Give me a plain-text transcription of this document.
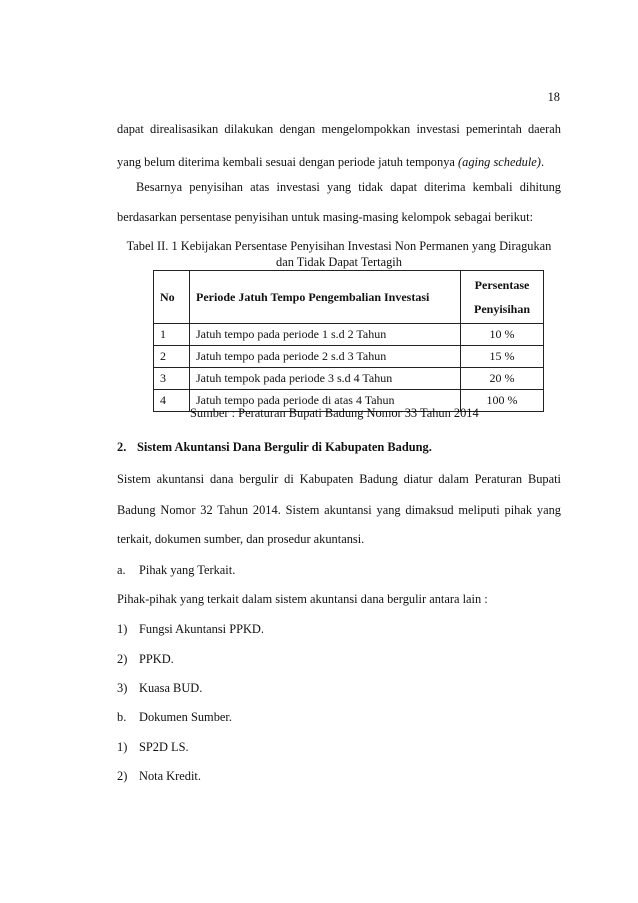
18
dapat direalisasikan dilakukan dengan mengelompokkan investasi pemerintah daerah
yang belum diterima kembali sesuai dengan periode jatuh temponya (aging schedule).
Besarnya penyisihan atas investasi yang tidak dapat diterima kembali dihitung
berdasarkan persentase penyisihan untuk masing-masing kelompok sebagai berikut:
Tabel II. 1 Kebijakan Persentase Penyisihan Investasi Non Permanen yang Diragukan
dan Tidak Dapat Tertagih
No	Periode Jatuh Tempo Pengembalian Investasi	Persentase
Penyisihan

1	Jatuh tempo pada periode 1 s.d 2 Tahun	10 %
2	Jatuh tempo pada periode 2 s.d 3 Tahun	15 %
3	Jatuh tempok pada periode 3 s.d 4 Tahun	20 %
4	Jatuh tempo pada periode di atas 4 Tahun	100 %
Sumber : Peraturan Bupati Badung Nomor 33 Tahun 2014
2. Sistem Akuntansi Dana Bergulir di Kabupaten Badung.
Sistem akuntansi dana bergulir di Kabupaten Badung diatur dalam Peraturan Bupati
Badung Nomor 32 Tahun 2014. Sistem akuntansi yang dimaksud meliputi pihak yang
terkait, dokumen sumber, dan prosedur akuntansi.
a. Pihak yang Terkait.
Pihak-pihak yang terkait dalam sistem akuntansi dana bergulir antara lain :
1) Fungsi Akuntansi PPKD.
2) PPKD.
3) Kuasa BUD.
b. Dokumen Sumber.
1) SP2D LS.
2) Nota Kredit.
